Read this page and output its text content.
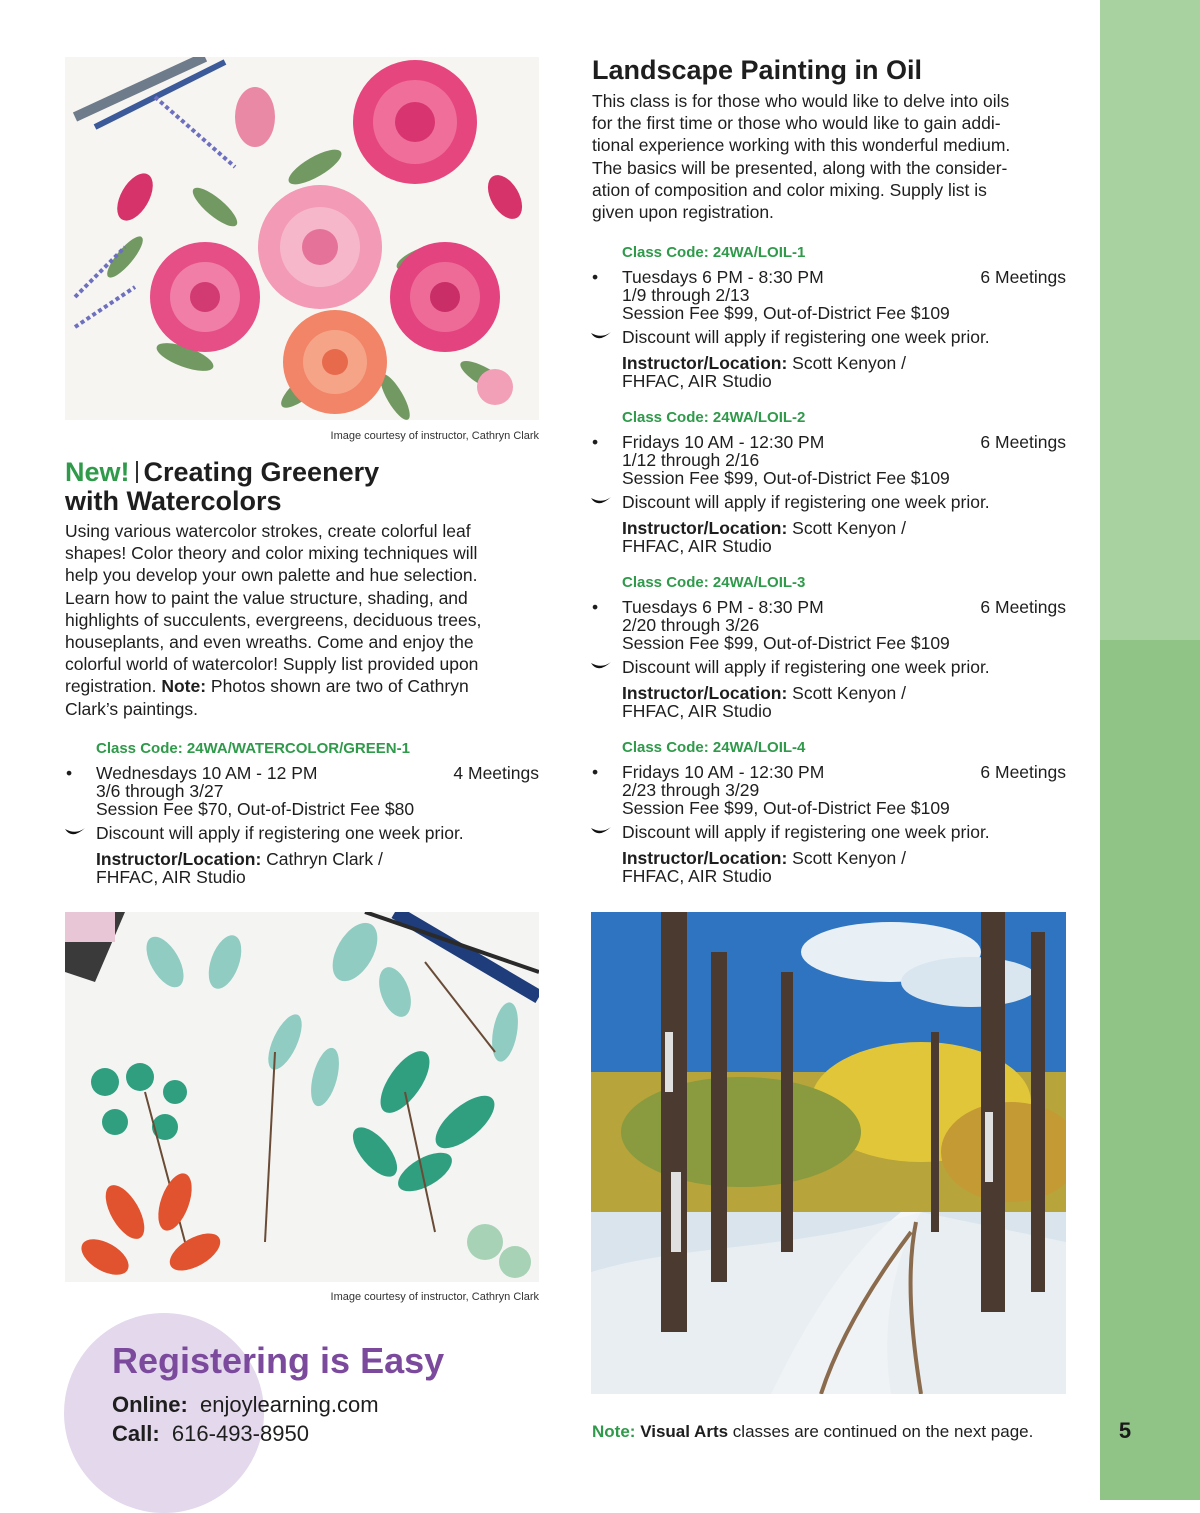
5
Image courtesy of instructor, Cathryn Clark
New! Creating Greenery
with Watercolors
Using various watercolor strokes, create colorful leaf
shapes! Color theory and color mixing techniques will
help you develop your own palette and hue selection.
Learn how to paint the value structure, shading, and
highlights of succulents, evergreens, deciduous trees,
houseplants, and even wreaths. Come and enjoy the
colorful world of watercolor! Supply list provided upon
registration. Note: Photos shown are two of Cathryn
Clark’s paintings.
Class Code: 24WA/WATERCOLOR/GREEN-1
• Wednesdays 10 AM - 12 PM	4 Meetings
3/6 through 3/27
Session Fee $70, Out-of-District Fee $80
Discount will apply if registering one week prior.
Instructor/Location: Cathryn Clark /
FHFAC, AIR Studio
Image courtesy of instructor, Cathryn Clark
Landscape Painting in Oil
This class is for those who would like to delve into oils
for the first time or those who would like to gain addi-
tional experience working with this wonderful medium.
The basics will be presented, along with the consider-
ation of composition and color mixing. Supply list is
given upon registration.
Class Code: 24WA/LOIL-1
• Tuesdays 6 PM - 8:30 PM	6 Meetings
1/9 through 2/13
Session Fee $99, Out-of-District Fee $109
Discount will apply if registering one week prior.
Instructor/Location: Scott Kenyon /
FHFAC, AIR Studio
Class Code: 24WA/LOIL-2
• Fridays 10 AM - 12:30 PM	6 Meetings
1/12 through 2/16
Session Fee $99, Out-of-District Fee $109
Discount will apply if registering one week prior.
Instructor/Location: Scott Kenyon /
FHFAC, AIR Studio
Class Code: 24WA/LOIL-3
• Tuesdays 6 PM - 8:30 PM	6 Meetings
2/20 through 3/26
Session Fee $99, Out-of-District Fee $109
Discount will apply if registering one week prior.
Instructor/Location: Scott Kenyon /
FHFAC, AIR Studio
Class Code: 24WA/LOIL-4
• Fridays 10 AM - 12:30 PM	6 Meetings
2/23 through 3/29
Session Fee $99, Out-of-District Fee $109
Discount will apply if registering one week prior.
Instructor/Location: Scott Kenyon /
FHFAC, AIR Studio
Registering is Easy
Online: enjoylearning.com
Call: 616-493-8950	Note: Visual Arts classes are continued on the next page.
